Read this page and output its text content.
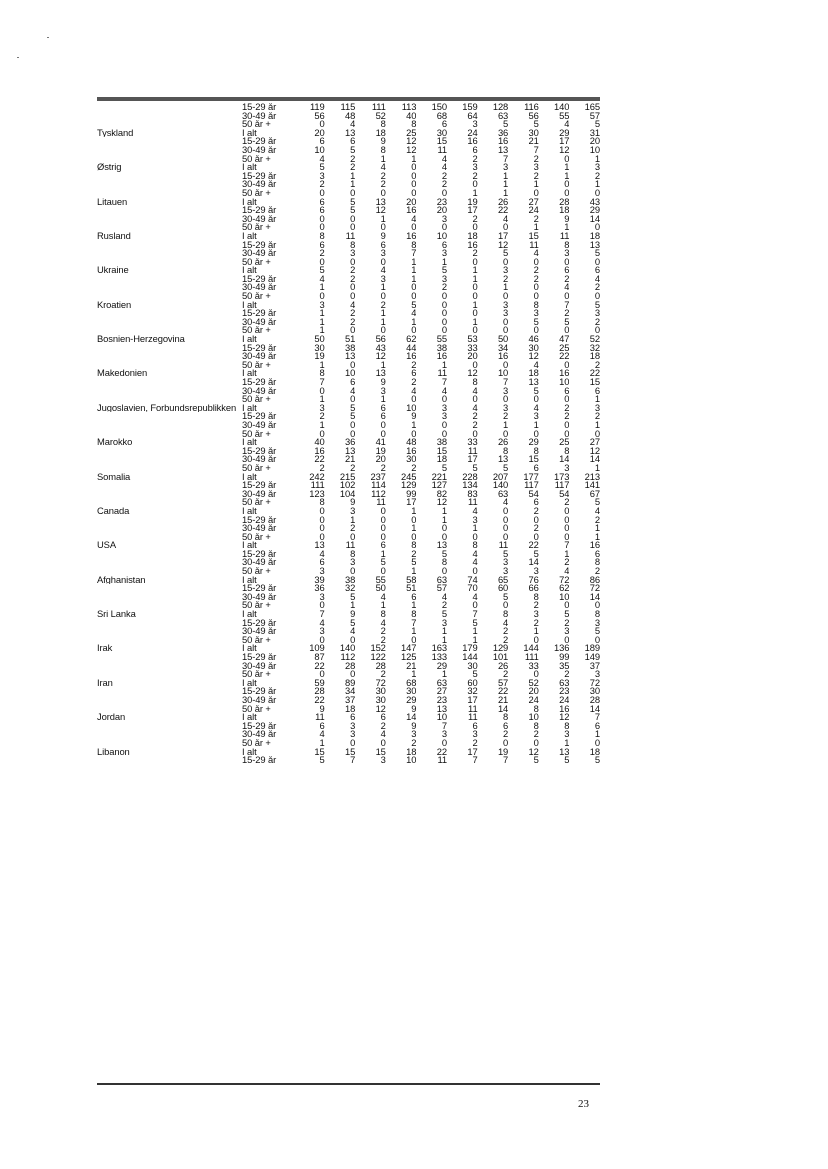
	15-29 år	119	115	111	113	150	159	128	116	140	165
	30-49 år	56	48	52	40	68	64	63	56	55	57
	50 år +	0	4	8	8	6	3	5	5	4	5
Tyskland	I alt	20	13	18	25	30	24	36	30	29	31
	15-29 år	6	6	9	12	15	16	16	21	17	20
	30-49 år	10	5	8	12	11	6	13	7	12	10
	50 år +	4	2	1	1	4	2	7	2	0	1
Østrig	I alt	5	2	4	0	4	3	3	3	1	3
	15-29 år	3	1	2	0	2	2	1	2	1	2
	30-49 år	2	1	2	0	2	0	1	1	0	1
	50 år +	0	0	0	0	0	1	1	0	0	0
Litauen	I alt	6	5	13	20	23	19	26	27	28	43
	15-29 år	6	5	12	16	20	17	22	24	18	29
	30-49 år	0	0	1	4	3	2	4	2	9	14
	50 år +	0	0	0	0	0	0	0	1	1	0
Rusland	I alt	8	11	9	16	10	18	17	15	11	18
	15-29 år	6	8	6	8	6	16	12	11	8	13
	30-49 år	2	3	3	7	3	2	5	4	3	5
	50 år +	0	0	0	1	1	0	0	0	0	0
Ukraine	I alt	5	2	4	1	5	1	3	2	6	6
	15-29 år	4	2	3	1	3	1	2	2	2	4
	30-49 år	1	0	1	0	2	0	1	0	4	2
	50 år +	0	0	0	0	0	0	0	0	0	0
Kroatien	I alt	3	4	2	5	0	1	3	8	7	5
	15-29 år	1	2	1	4	0	0	3	3	2	3
	30-49 år	1	2	1	1	0	1	0	5	5	2
	50 år +	1	0	0	0	0	0	0	0	0	0
Bosnien-Herzegovina	I alt	50	51	56	62	55	53	50	46	47	52
	15-29 år	30	38	43	44	38	33	34	30	25	32
	30-49 år	19	13	12	16	16	20	16	12	22	18
	50 år +	1	0	1	2	1	0	0	4	0	2
Makedonien	I alt	8	10	13	6	11	12	10	18	16	22
	15-29 år	7	6	9	2	7	8	7	13	10	15
	30-49 år	0	4	3	4	4	4	3	5	6	6
	50 år +	1	0	1	0	0	0	0	0	0	1
Jugoslavien, Forbundsrepublikken	I alt	3	5	6	10	3	4	3	4	2	3
	15-29 år	2	5	6	9	3	2	2	3	2	2
	30-49 år	1	0	0	1	0	2	1	1	0	1
	50 år +	0	0	0	0	0	0	0	0	0	0
Marokko	I alt	40	36	41	48	38	33	26	29	25	27
	15-29 år	16	13	19	16	15	11	8	8	8	12
	30-49 år	22	21	20	30	18	17	13	15	14	14
	50 år +	2	2	2	2	5	5	5	6	3	1
Somalia	I alt	242	215	237	245	221	228	207	177	173	213
	15-29 år	111	102	114	129	127	134	140	117	117	141
	30-49 år	123	104	112	99	82	83	63	54	54	67
	50 år +	8	9	11	17	12	11	4	6	2	5
Canada	I alt	0	3	0	1	1	4	0	2	0	4
	15-29 år	0	1	0	0	1	3	0	0	0	2
	30-49 år	0	2	0	1	0	1	0	2	0	1
	50 år +	0	0	0	0	0	0	0	0	0	1
USA	I alt	13	11	6	8	13	8	11	22	7	16
	15-29 år	4	8	1	2	5	4	5	5	1	6
	30-49 år	6	3	5	5	8	4	3	14	2	8
	50 år +	3	0	0	1	0	0	3	3	4	2
Afghanistan	I alt	39	38	55	58	63	74	65	76	72	86
	15-29 år	36	32	50	51	57	70	60	66	62	72
	30-49 år	3	5	4	6	4	4	5	8	10	14
	50 år +	0	1	1	1	2	0	0	2	0	0
Sri Lanka	I alt	7	9	8	8	5	7	8	3	5	8
	15-29 år	4	5	4	7	3	5	4	2	2	3
	30-49 år	3	4	2	1	1	1	2	1	3	5
	50 år +	0	0	2	0	1	1	2	0	0	0
Irak	I alt	109	140	152	147	163	179	129	144	136	189
	15-29 år	87	112	122	125	133	144	101	111	99	149
	30-49 år	22	28	28	21	29	30	26	33	35	37
	50 år +	0	0	2	1	1	5	2	0	2	3
Iran	I alt	59	89	72	68	63	60	57	52	63	72
	15-29 år	28	34	30	30	27	32	22	20	23	30
	30-49 år	22	37	30	29	23	17	21	24	24	28
	50 år +	9	18	12	9	13	11	14	8	16	14
Jordan	I alt	11	6	6	14	10	11	8	10	12	7
	15-29 år	6	3	2	9	7	6	6	8	8	6
	30-49 år	4	3	4	3	3	3	2	2	3	1
	50 år +	1	0	0	2	0	2	0	0	1	0
Libanon	I alt	15	15	15	18	22	17	19	12	13	18
	15-29 år	5	7	3	10	11	7	7	5	5	5
23
